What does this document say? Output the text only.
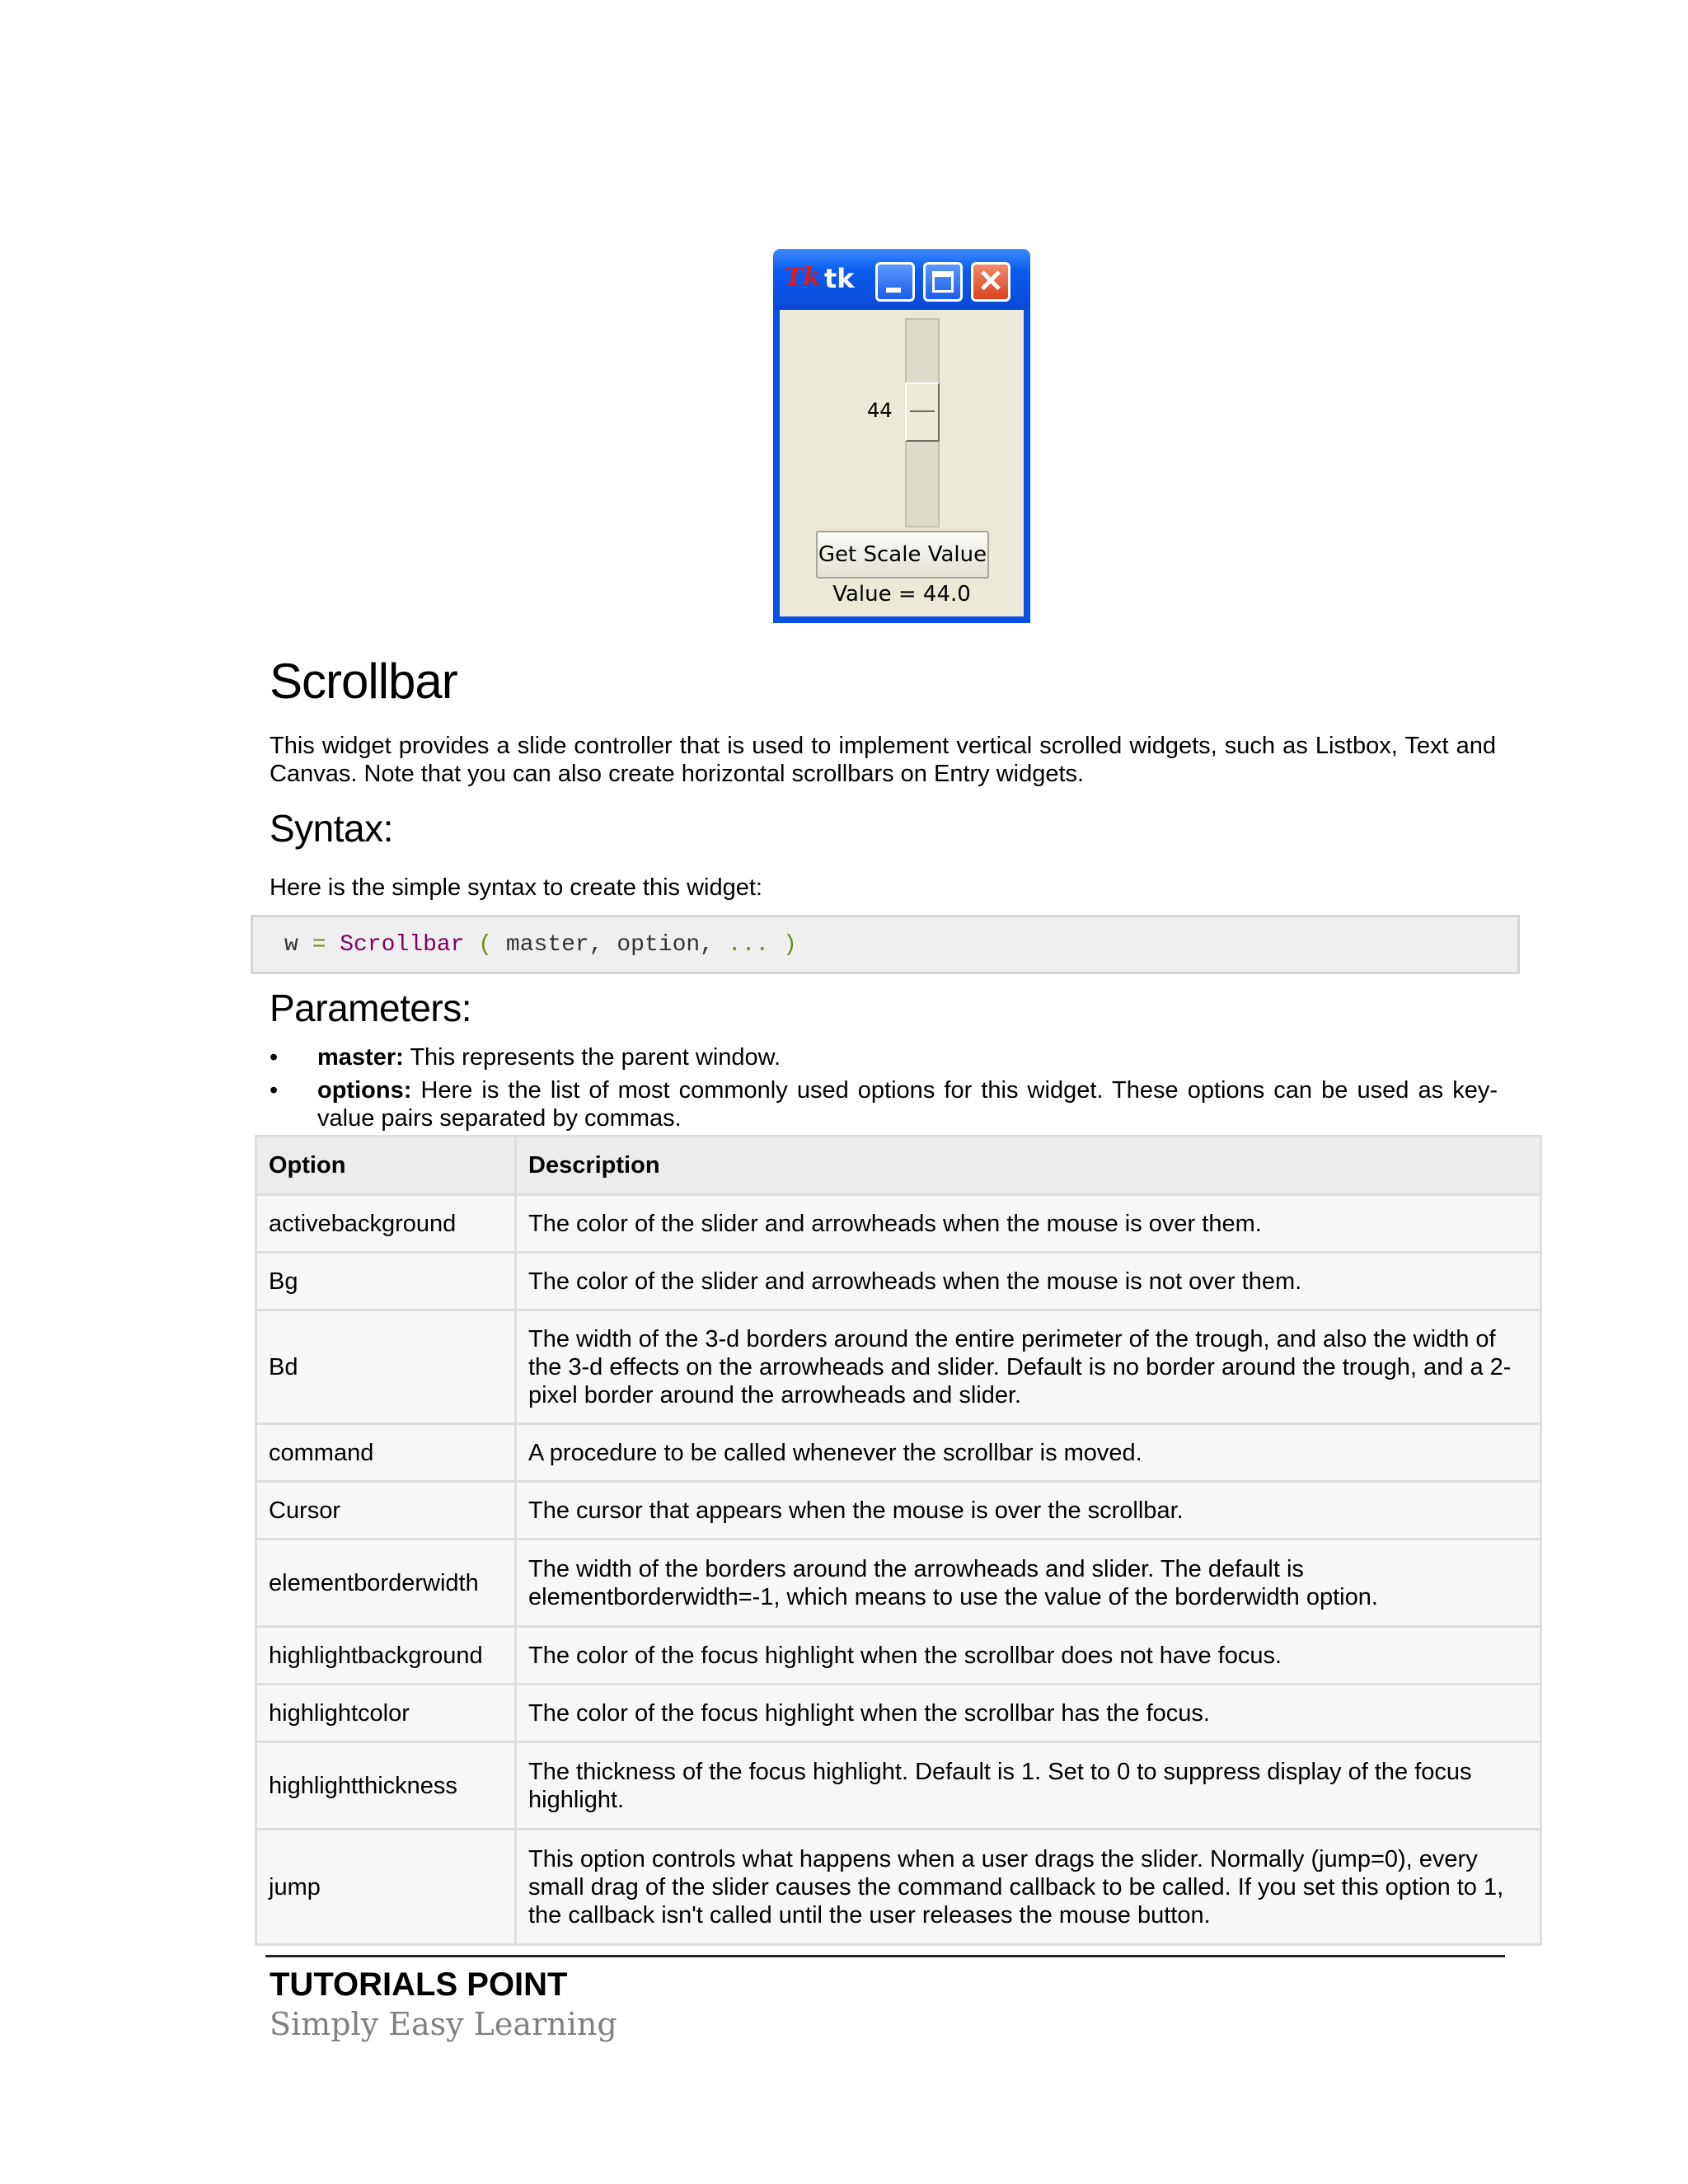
Tk tk	✕
44
Get Scale Value
Value = 44.0
Scrollbar

This widget provides a slide controller that is used to implement vertical scrolled widgets, such as Listbox, Text and Canvas. Note that you can also create horizontal scrollbars on Entry widgets.

Syntax:

Here is the simple syntax to create this widget:

w = Scrollbar ( master, option, ... )
Parameters:
• master: This represents the parent window.
• options: Here is the list of most commonly used options for this widget. These options can be used as key-value pairs separated by commas.
Option	Description
activebackground	The color of the slider and arrowheads when the mouse is over them.
Bg	The color of the slider and arrowheads when the mouse is not over them.
Bd	The width of the 3-d borders around the entire perimeter of the trough, and also the width of the 3-d effects on the arrowheads and slider. Default is no border around the trough, and a 2-pixel border around the arrowheads and slider.
command	A procedure to be called whenever the scrollbar is moved.
Cursor	The cursor that appears when the mouse is over the scrollbar.
elementborderwidth	The width of the borders around the arrowheads and slider. The default is elementborderwidth=-1, which means to use the value of the borderwidth option.
highlightbackground	The color of the focus highlight when the scrollbar does not have focus.
highlightcolor	The color of the focus highlight when the scrollbar has the focus.
highlightthickness	The thickness of the focus highlight. Default is 1. Set to 0 to suppress display of the focus highlight.
jump	This option controls what happens when a user drags the slider. Normally (jump=0), every small drag of the slider causes the command callback to be called. If you set this option to 1, the callback isn't called until the user releases the mouse button.

TUTORIALS POINT

Simply Easy Learning
